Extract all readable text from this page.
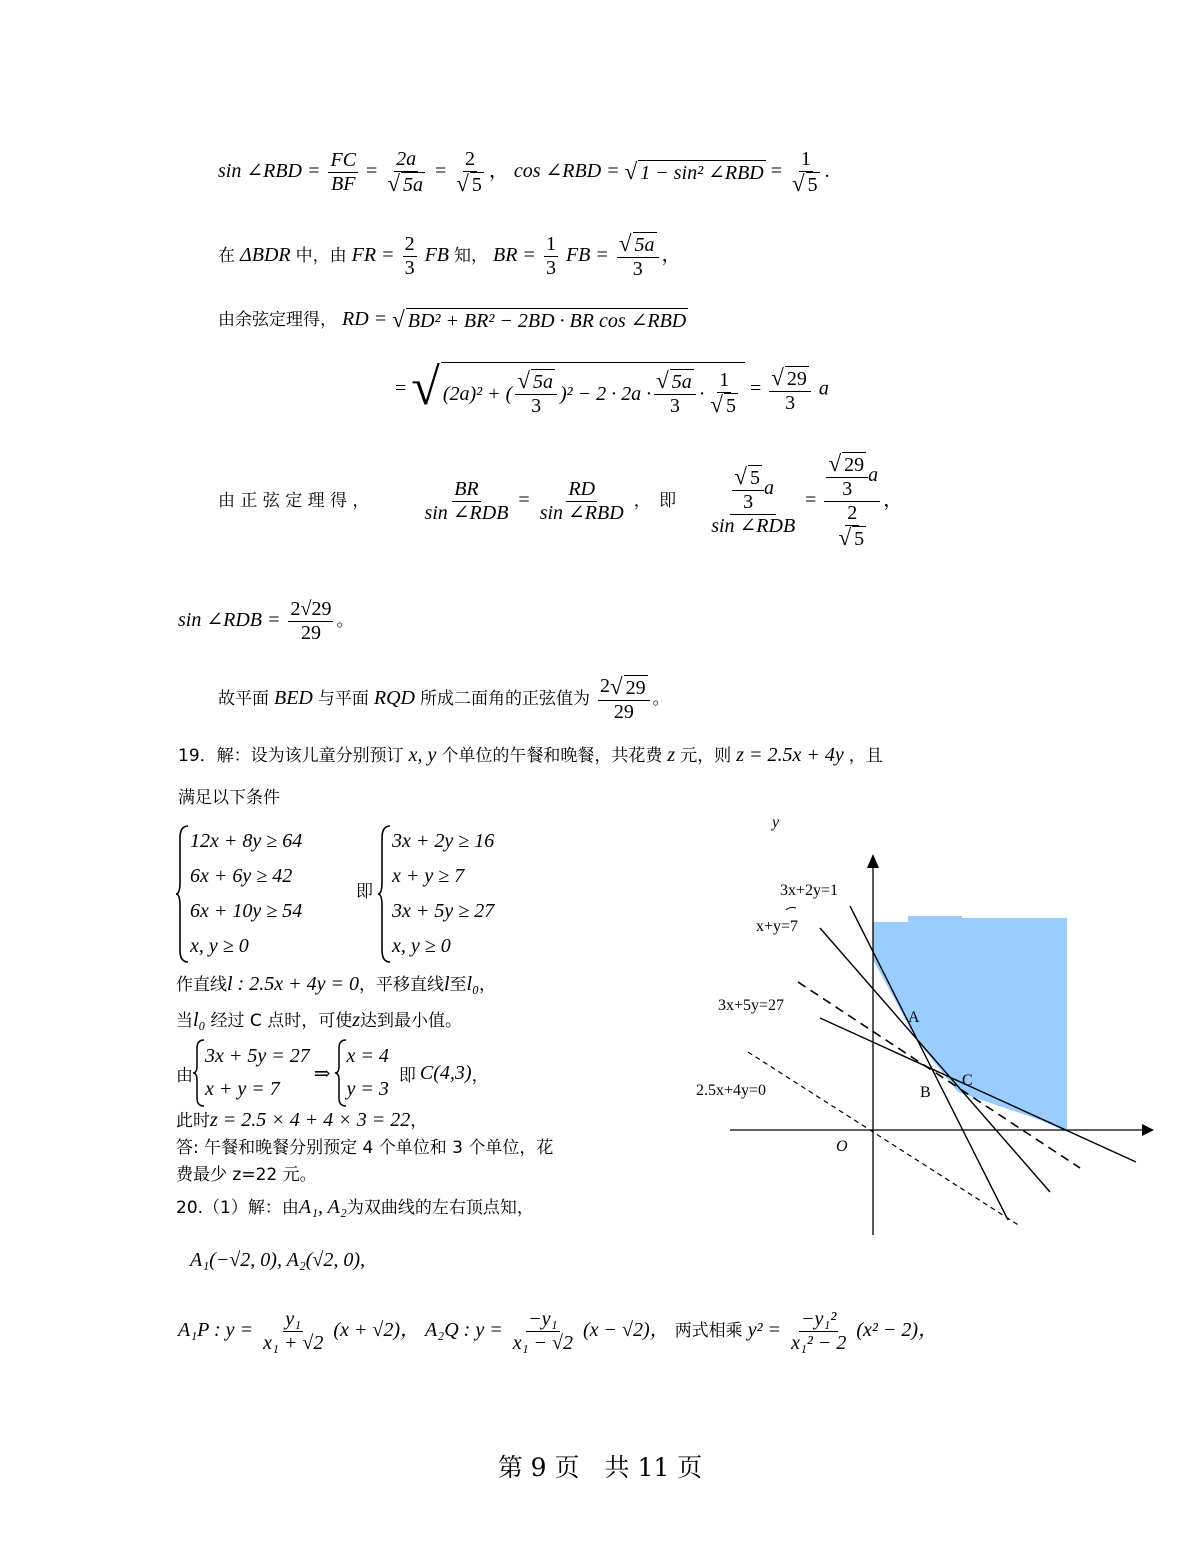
sin ∠RBD = $\frac{FC}{BF} = \frac{2a}{√ 5a} = \frac{2}{√ 5}$ ， cos ∠RBD = √ 1 − sin² ∠RBD = $\frac{1}{√ 5}$ .
在 ΔBDR 中，由 FR = $\frac{2}{3}$ FB 知， BR = $\frac{1}{3}$ FB = $\frac{√ 5a}{3}$ ，
由余弦定理得， RD = √ BD² + BR² − 2BD · BR cos ∠RBD
= √ (2a)² + ( $\frac{√ 5a}{3} )^2 - 2 \cdot 2a \cdot \frac{√ 5a}{3} \cdot \frac{1}{√ 5} = \frac{√ 29}{3}$ a
由 正 弦 定 理 得 ，	$\frac{BR}{\text{sin ∠RDB}} = \frac{RD}{\text{sin ∠RBD}}$ ，　即 $\frac{\frac{√ 5}{3} a}{\text{sin ∠RDB}} = \frac{\frac{√ 29}{3} a}{\frac{2}{√ 5}}$ ，
sin ∠RDB = $\frac{2√29}{29}$ 。
故平面 BED 与平面 RQD 所成二面角的正弦值为 $\frac{2 √ 29}{29}$ 。
19．解：设为该儿童分别预订 x, y 个单位的午餐和晚餐，共花费 z 元，则 z = 2.5x + 4y ，且
满足以下条件
12x + 8y ≥ 64
6x + 6y ≥ 42
6x + 10y ≥ 54
x, y ≥ 0
即
3x + 2y ≥ 16
x + y ≥ 7
3x + 5y ≥ 27
x, y ≥ 0
作直线l : 2.5x + 4y = 0，平移直线l至l₀，
当l₀ 经过 C 点时，可使z达到最小值。
由
3x + 5y = 27
x + y = 7
⇒
x = 4
y = 3
即 C(4,3) ，
此时z = 2.5 × 4 + 4 × 3 = 22，
答: 午餐和晚餐分别预定 4 个单位和 3 个单位，花
费最少 z=22 元。
20.（1）解：由A₁, A₂为双曲线的左右顶点知，
A₁(−√2, 0), A₂(√2, 0),
A₁P : $y = \frac{\text{y₁}}{\text{x₁ + √2}} (x + √2)$， A₂Q : $y = \frac{\text{−y₁}}{\text{x₁ − √2}} (x - √2)$， 两式相乘 $y^2 = \frac{\text{−y₁²}}{\text{x₁² − 2}} (x^2 - 2)$，
y
O
3x+2y=1
x+y=7
3x+5y=27
2.5x+4y=0
A
B
C
第 9 页　共 11 页
